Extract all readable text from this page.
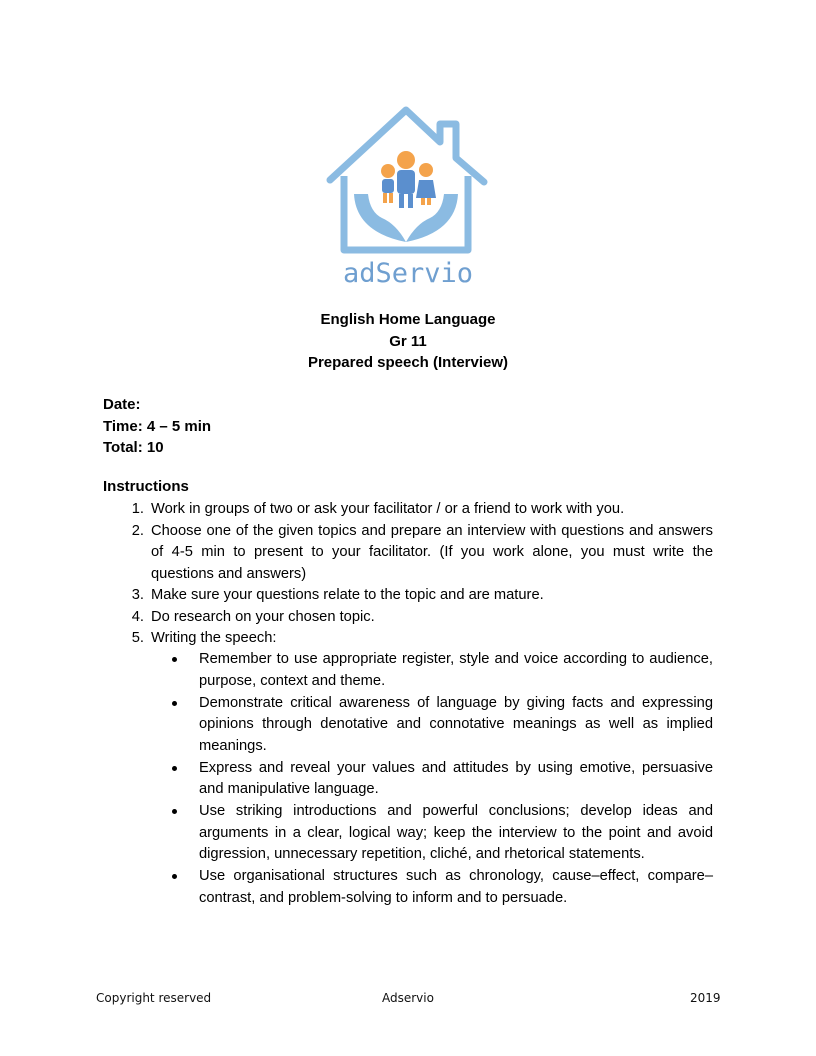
adServio
English Home Language
Gr 11
Prepared speech (Interview)
Date:
Time: 4 – 5 min
Total: 10
Instructions
1. Work in groups of two or ask your facilitator / or a friend to work with you.
2. Choose one of the given topics and prepare an interview with questions and answers of 4-5 min to present to your facilitator. (If you work alone, you must write the questions and answers)
3. Make sure your questions relate to the topic and are mature.
4. Do research on your chosen topic.
5. Writing the speech:
Remember to use appropriate register, style and voice according to audience, purpose, context and theme.
Demonstrate critical awareness of language by giving facts and expressing opinions through denotative and connotative meanings as well as implied meanings.
Express and reveal your values and attitudes by using emotive, persuasive and manipulative language.
Use striking introductions and powerful conclusions; develop ideas and arguments in a clear, logical way; keep the interview to the point and avoid digression, unnecessary repetition, cliché, and rhetorical statements.
Use organisational structures such as chronology, cause–effect, compare–contrast, and problem-solving to inform and to persuade.
Copyright reserved	Adservio	2019
